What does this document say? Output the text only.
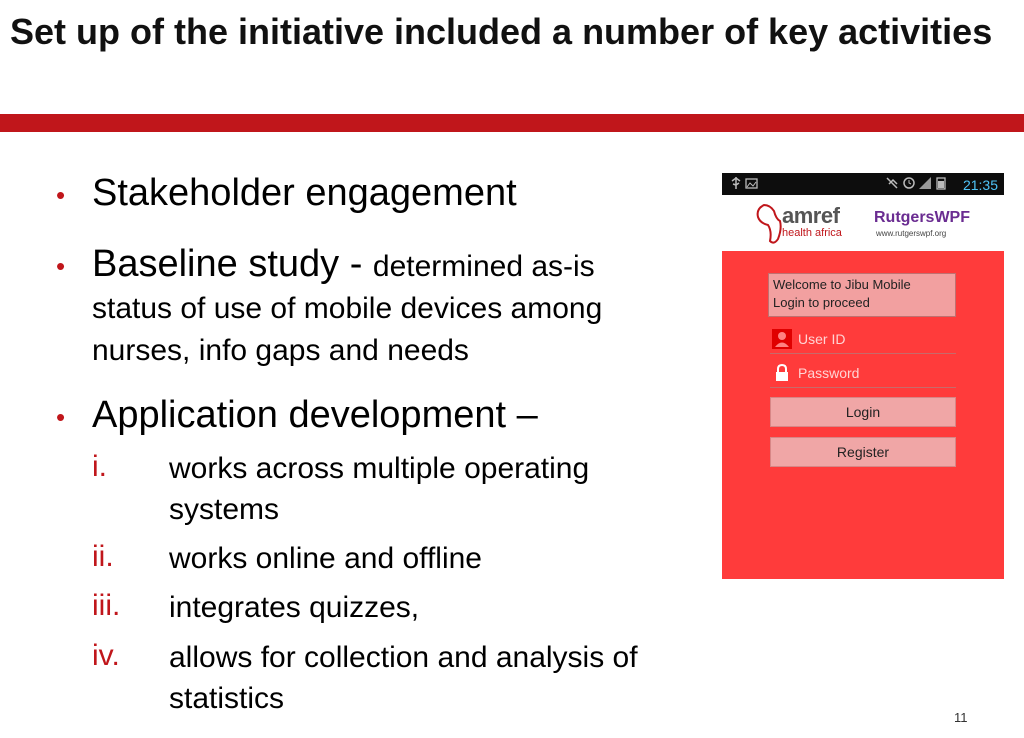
Set up of the initiative included a number of key activities
• Stakeholder engagement
• Baseline study - determined as-is
status of use of mobile devices among
nurses, info gaps and needs
• Application development –
i. works across multiple operating
systems
ii. works online and offline
iii. integrates quizzes,
iv. allows for collection and analysis of
statistics
21:35
amref
health africa
RutgersWPF
www.rutgerswpf.org
Welcome to Jibu Mobile
Login to proceed
User ID
Password
Login
Register
11
